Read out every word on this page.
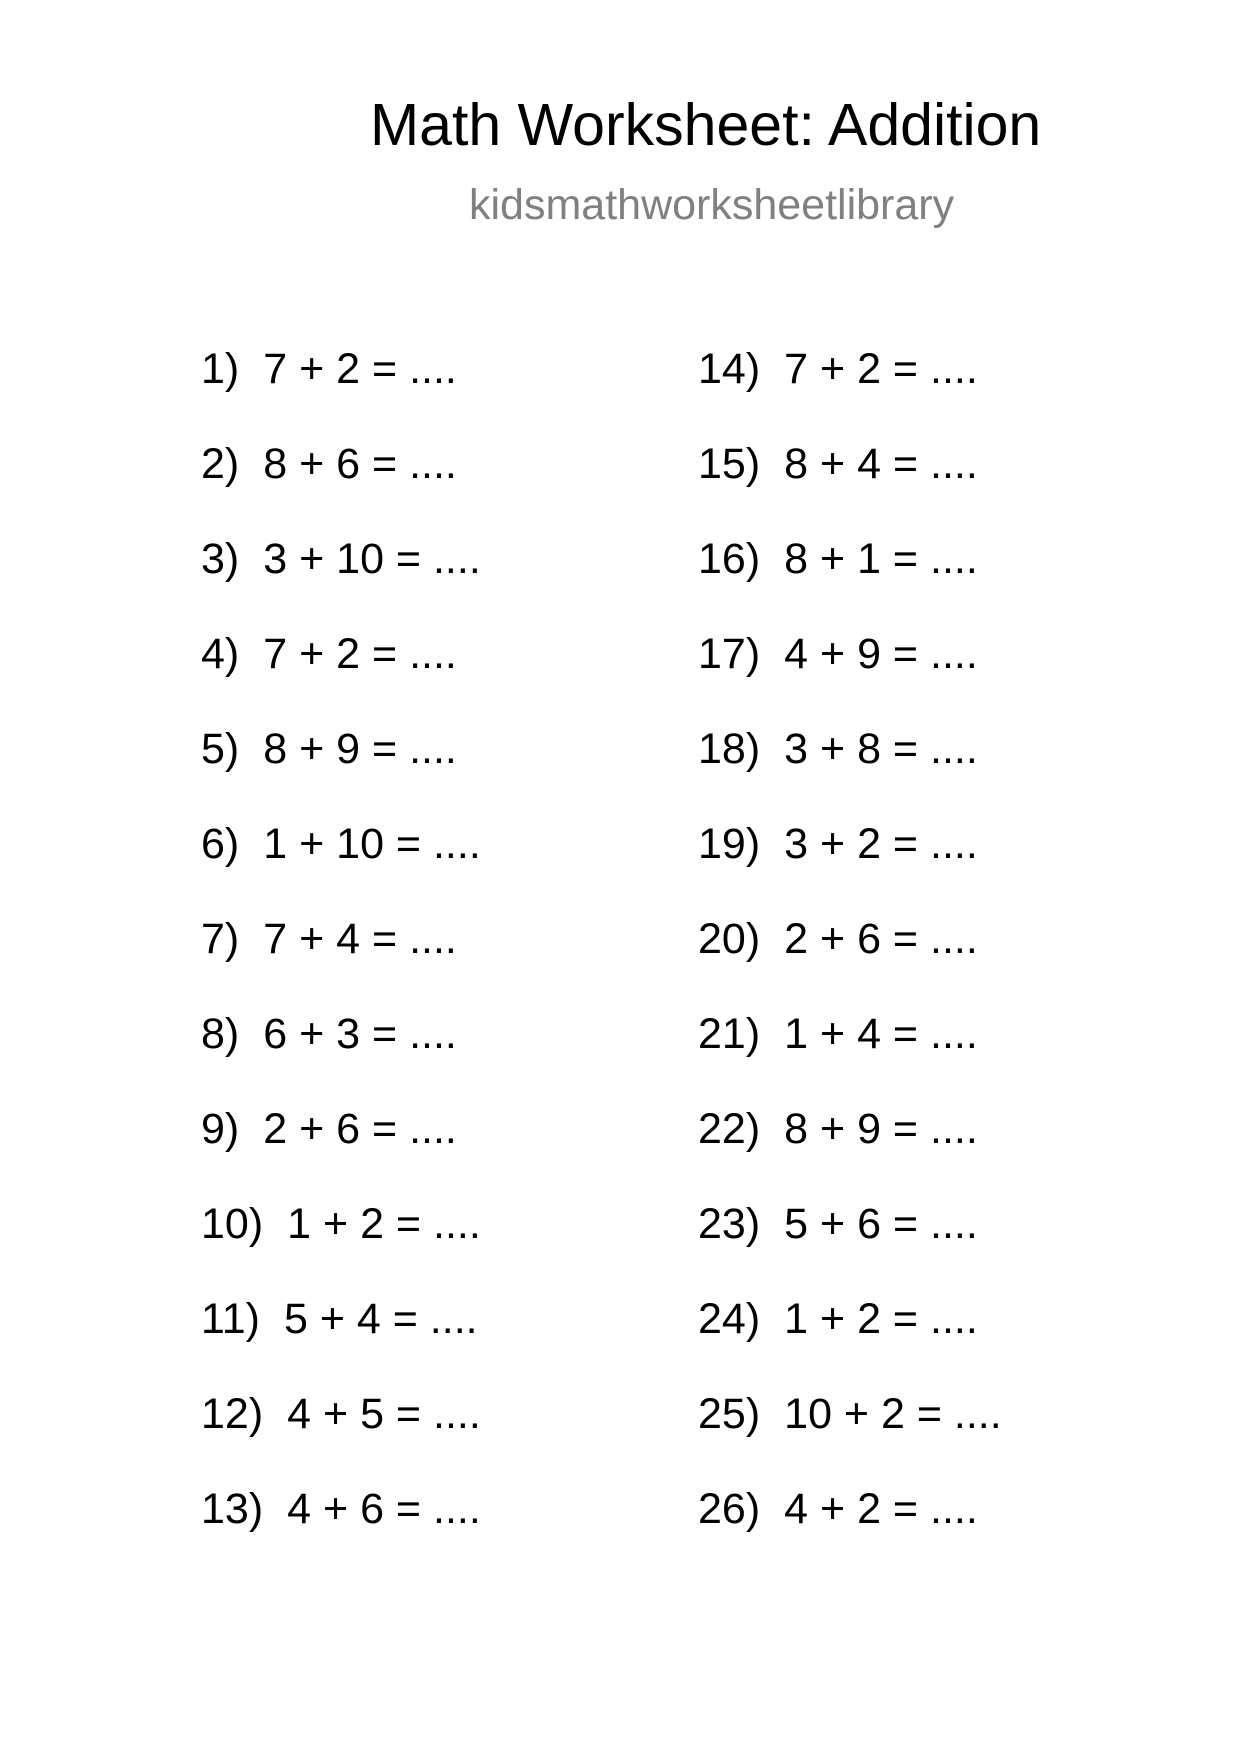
Math Worksheet: Addition

kidsmathworksheetlibrary

1) 7 + 2 = ....
2) 8 + 6 = ....
3) 3 + 10 = ....
4) 7 + 2 = ....
5) 8 + 9 = ....
6) 1 + 10 = ....
7) 7 + 4 = ....
8) 6 + 3 = ....
9) 2 + 6 = ....
10) 1 + 2 = ....
11) 5 + 4 = ....
12) 4 + 5 = ....
13) 4 + 6 = ....
14) 7 + 2 = ....
15) 8 + 4 = ....
16) 8 + 1 = ....
17) 4 + 9 = ....
18) 3 + 8 = ....
19) 3 + 2 = ....
20) 2 + 6 = ....
21) 1 + 4 = ....
22) 8 + 9 = ....
23) 5 + 6 = ....
24) 1 + 2 = ....
25) 10 + 2 = ....
26) 4 + 2 = ....
